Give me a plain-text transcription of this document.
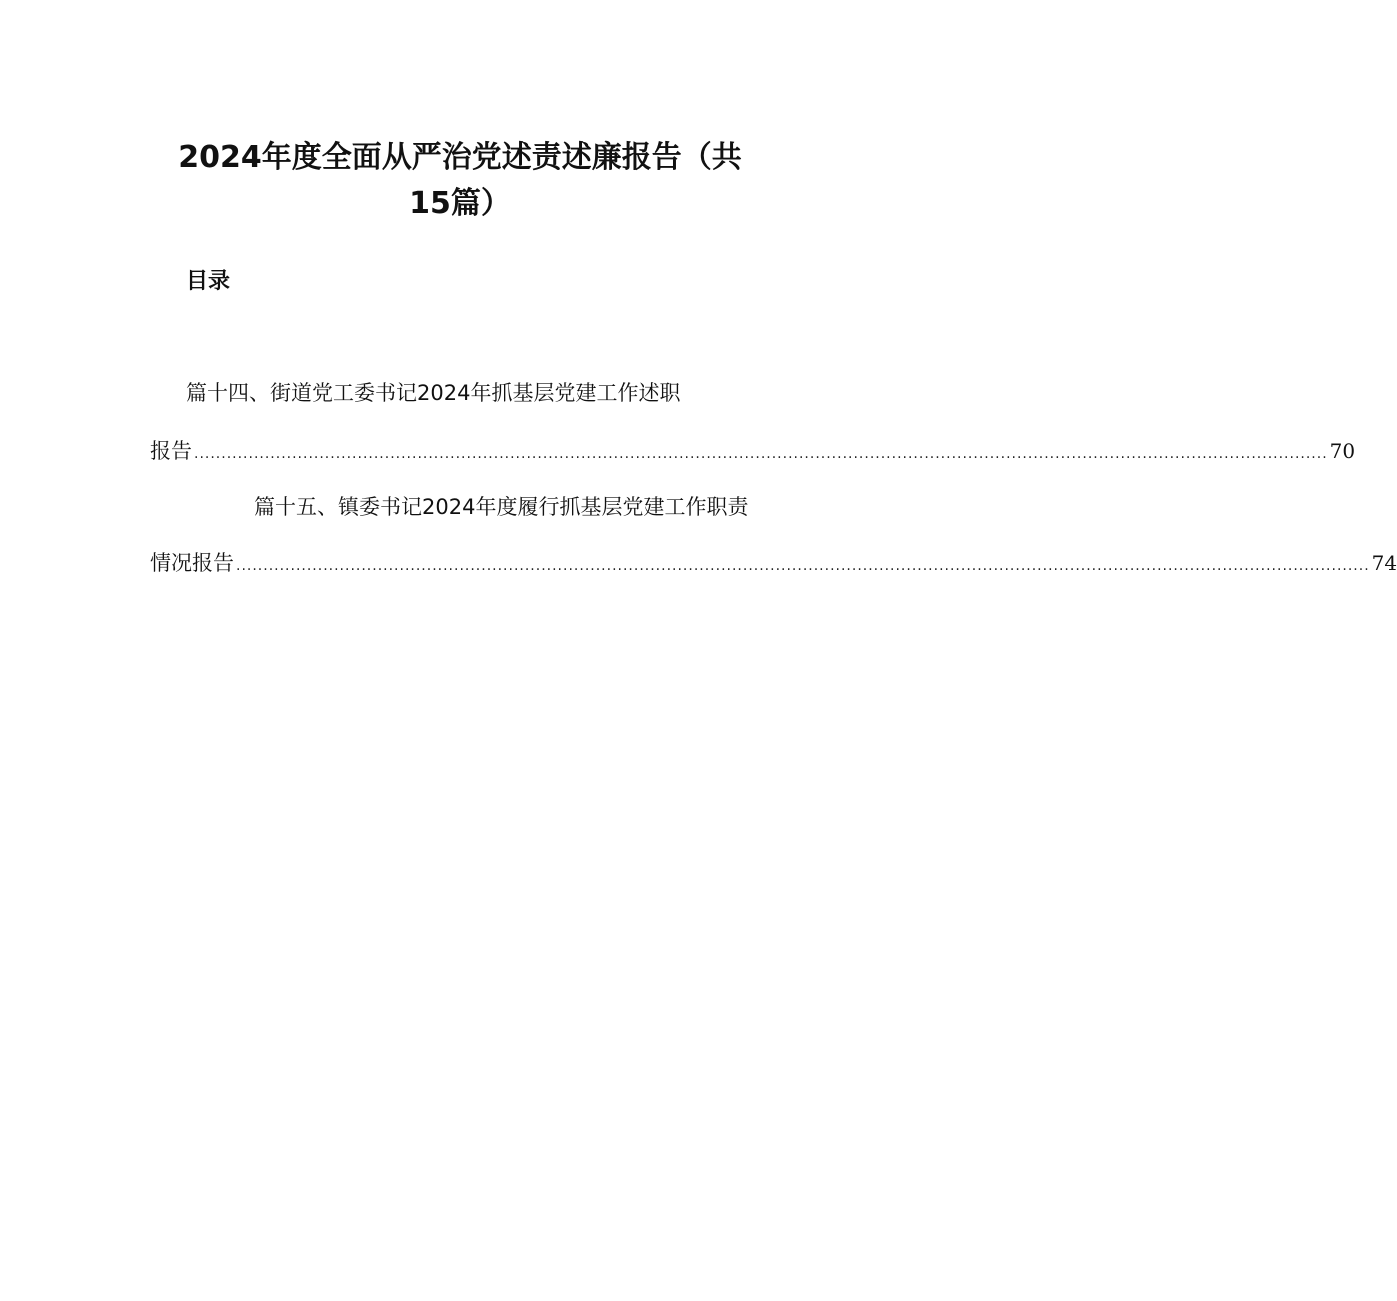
2024年度全面从严治党述责述廉报告（共
15篇）
目录
篇十四、街道党工委书记2024年抓基层党建工作述职
报告 ................................................................................................................................................................................................................ 70
篇十五、镇委书记2024年度履行抓基层党建工作职责
情况报告 ................................................................................................................................................................................................................ 74
